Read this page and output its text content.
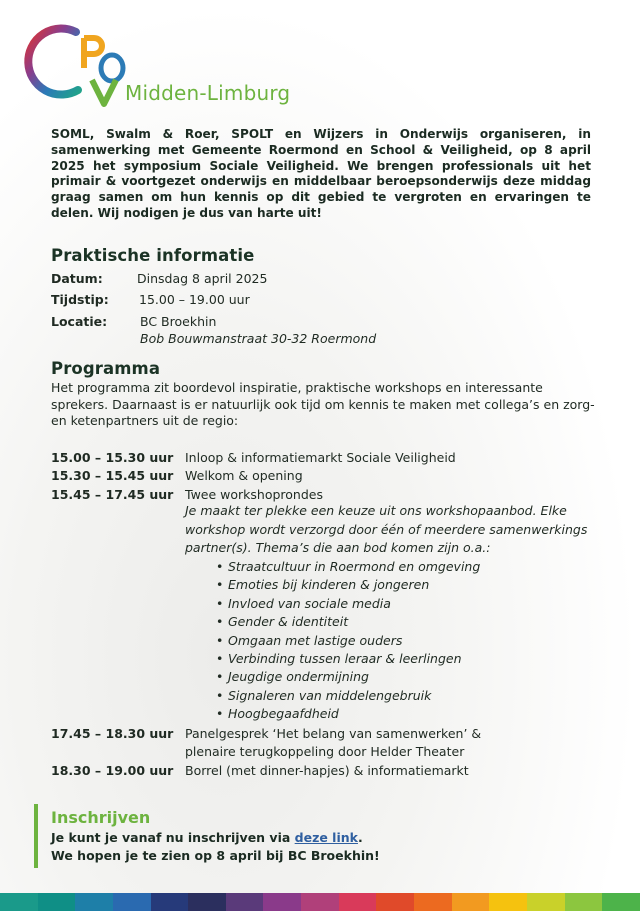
Midden-Limburg

SOML, Swalm & Roer, SPOLT en Wijzers in Onderwijs organiseren, in samenwerking met Gemeente Roermond en School & Veiligheid, op 8 april 2025 het symposium Sociale Veiligheid. We brengen professionals uit het primair & voortgezet onderwijs en middelbaar beroepsonderwijs deze middag graag samen om hun kennis op dit gebied te vergroten en ervaringen te delen. Wij nodigen je dus van harte uit!

Praktische informatie
Datum:	Dinsdag 8 april 2025
Tijdstip: 15.00 – 19.00 uur
Locatie:	BC Broekhin
Bob Bouwmanstraat 30-32 Roermond
Programma

Het programma zit boordevol inspiratie, praktische workshops en interessante sprekers. Daarnaast is er natuurlijk ook tijd om kennis te maken met collega’s en zorg- en ketenpartners uit de regio:

15.00 – 15.30 uur Inloop & informatiemarkt Sociale Veiligheid
15.30 – 15.45 uur Welkom & opening
15.45 – 17.45 uur Twee workshoprondes

Je maakt ter plekke een keuze uit ons workshopaanbod. Elke workshop wordt verzorgd door één of meerdere samenwerkings partner(s). Thema’s die aan bod komen zijn o.a.:

• Straatcultuur in Roermond en omgeving
• Emoties bij kinderen & jongeren
• Invloed van sociale media
• Gender & identiteit
• Omgaan met lastige ouders
• Verbinding tussen leraar & leerlingen
• Jeugdige ondermijning
• Signaleren van middelengebruik
• Hoogbegaafdheid
17.45 – 18.30 uur Panelgesprek ‘Het belang van samenwerken’ &
plenaire terugkoppeling door Helder Theater
18.30 – 19.00 uur Borrel (met dinner-hapjes) & informatiemarkt
Inschrijven
Je kunt je vanaf nu inschrijven via deze link.
We hopen je te zien op 8 april bij BC Broekhin!
